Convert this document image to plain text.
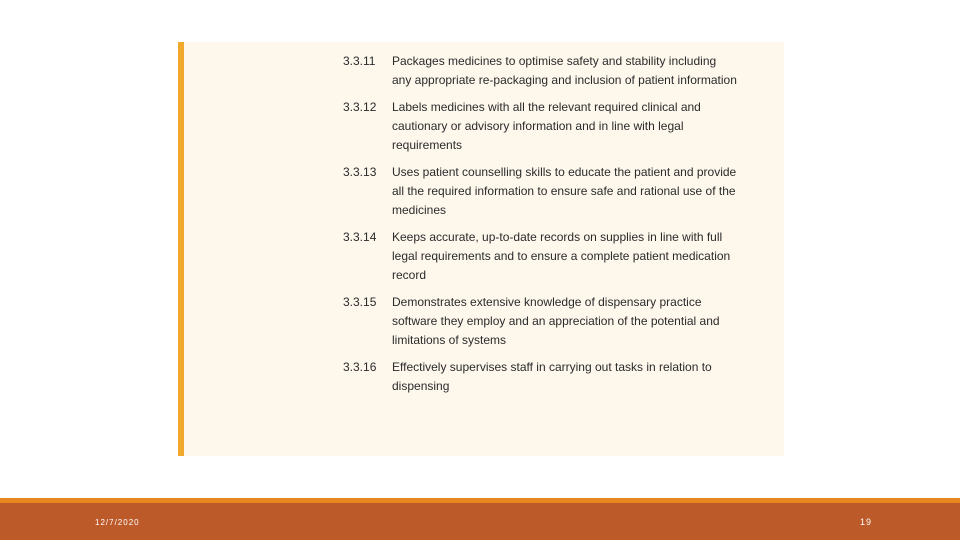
3.3.11	Packages medicines to optimise safety and stability including any appropriate re-packaging and inclusion of patient information
3.3.12	Labels medicines with all the relevant required clinical and cautionary or advisory information and in line with legal requirements
3.3.13	Uses patient counselling skills to educate the patient and provide all the required information to ensure safe and rational use of the medicines
3.3.14	Keeps accurate, up-to-date records on supplies in line with full legal requirements and to ensure a complete patient medication record
3.3.15	Demonstrates extensive knowledge of dispensary practice software they employ and an appreciation of the potential and limitations of systems
3.3.16	Effectively supervises staff in carrying out tasks in relation to dispensing
12/7/2020	19
